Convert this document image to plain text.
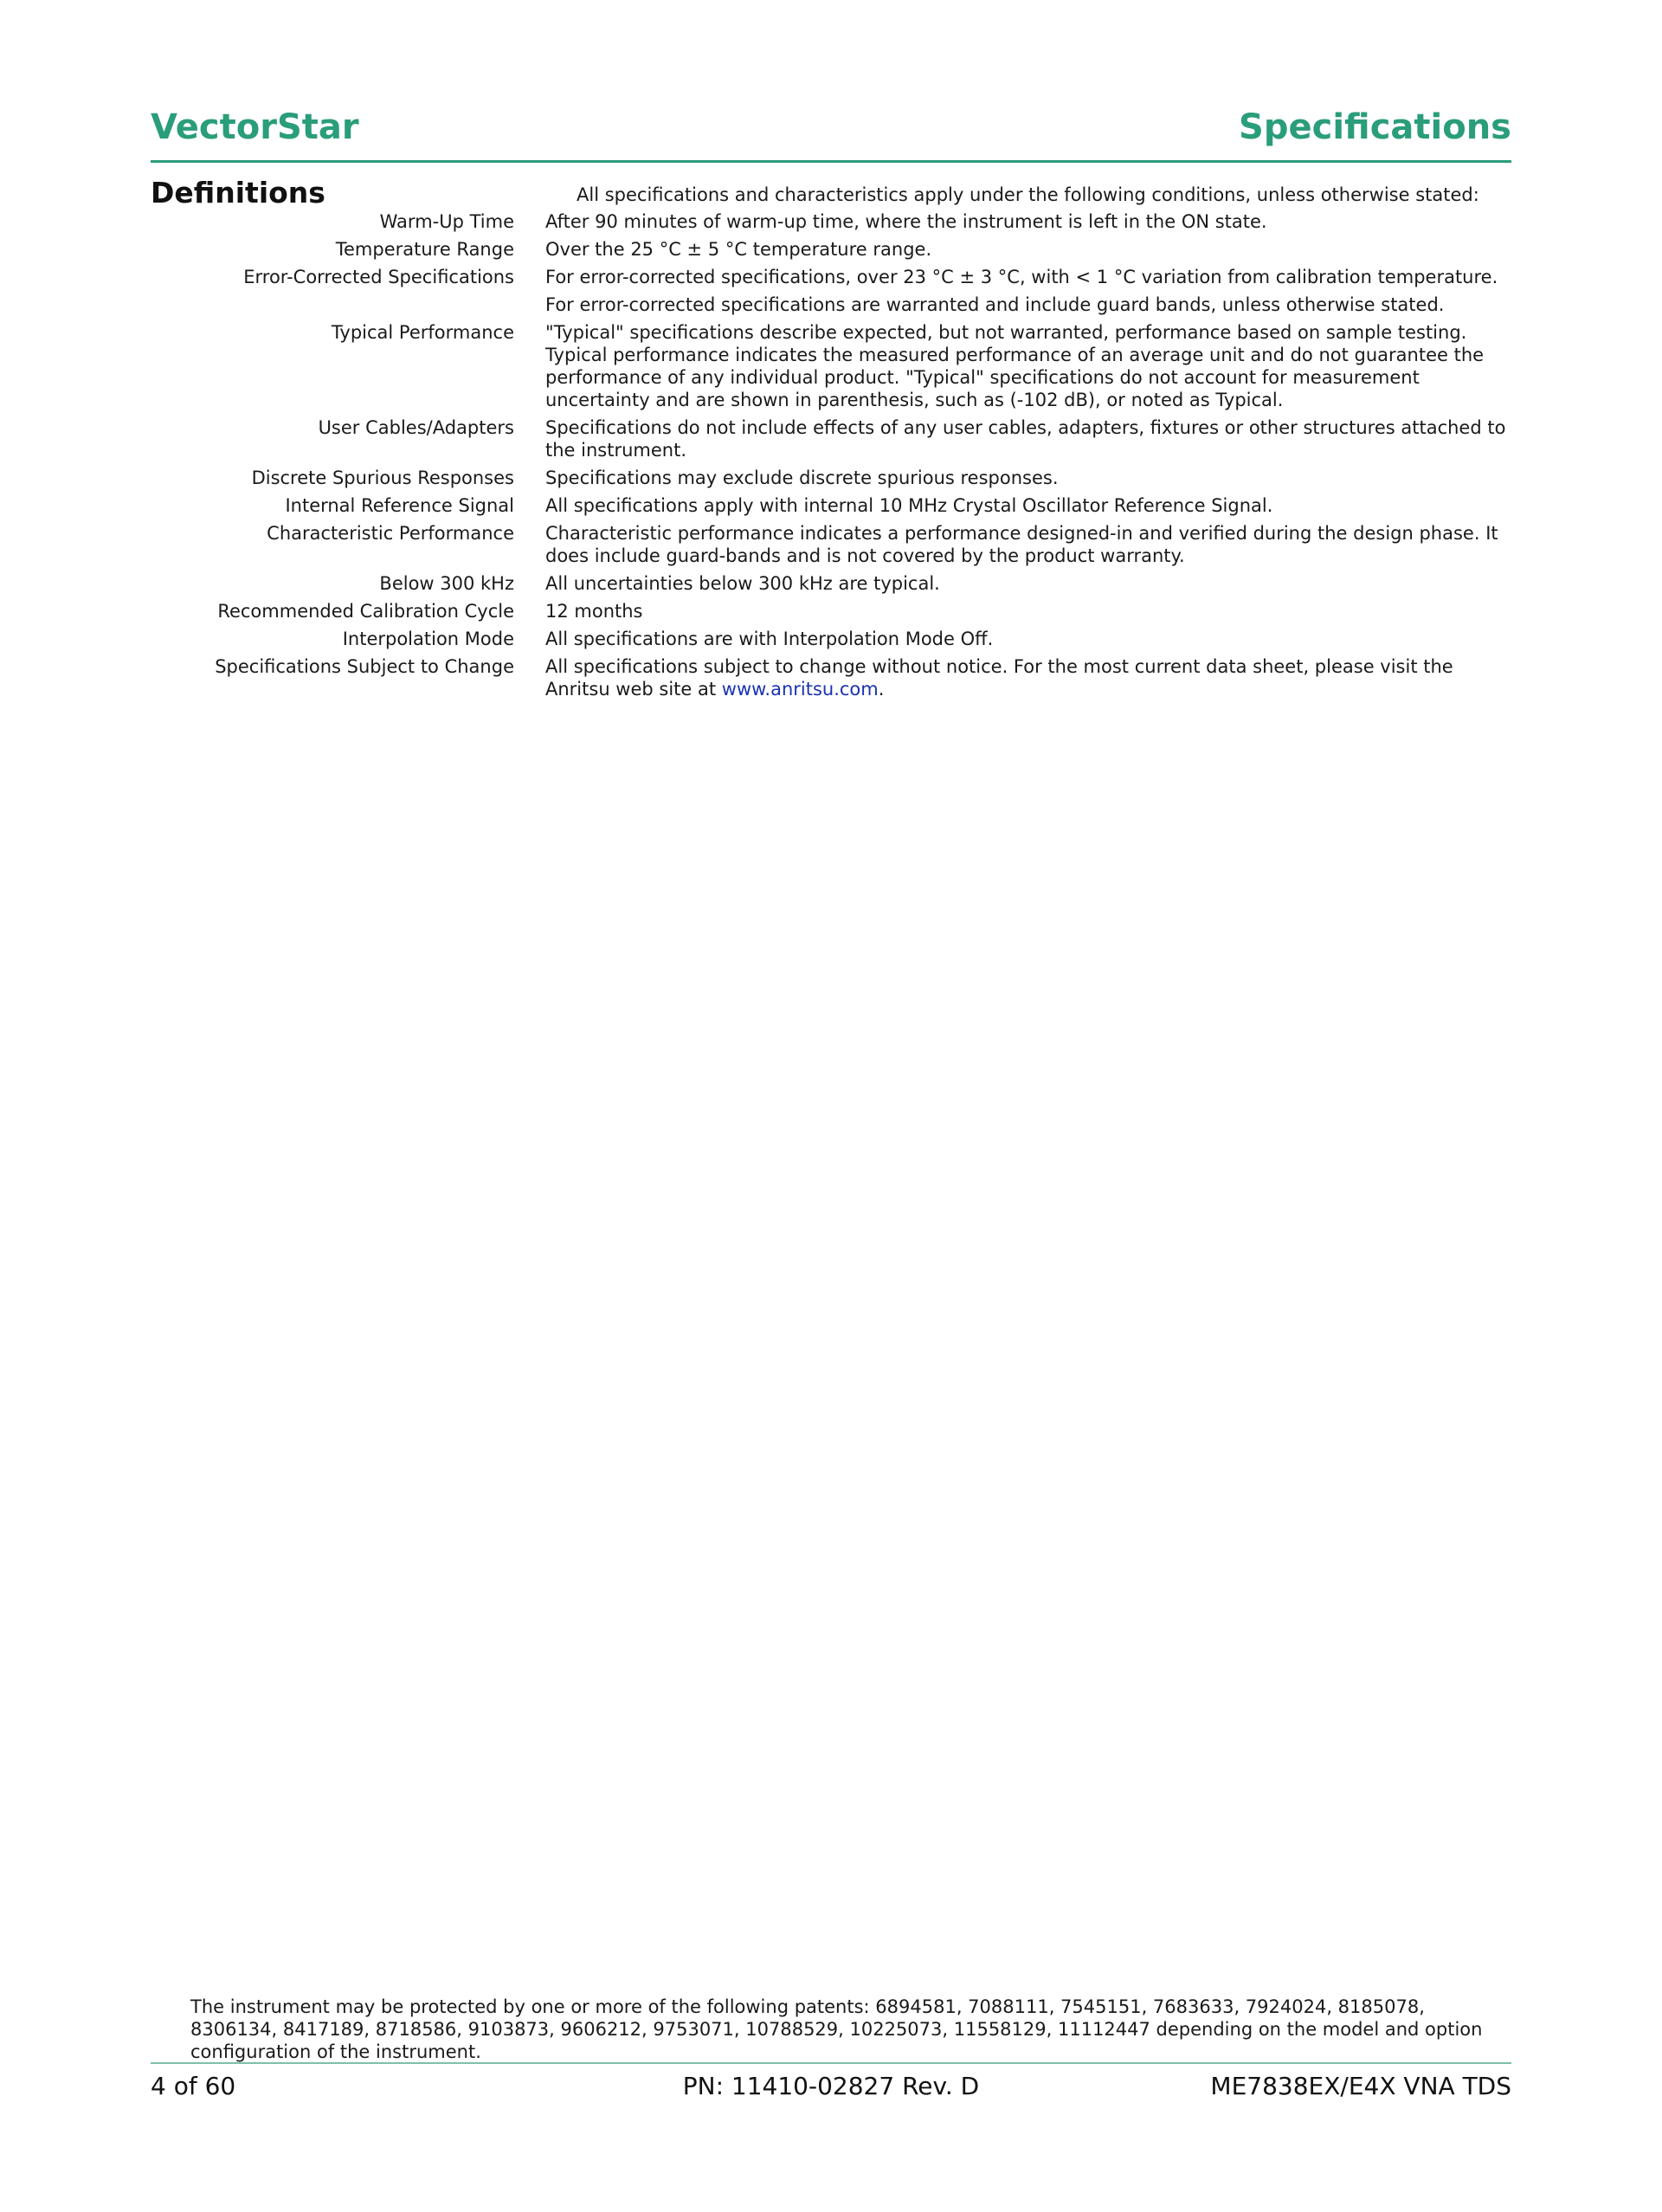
VectorStar	Specifications
Definitions	All specifications and characteristics apply under the following conditions, unless otherwise stated:
Warm-Up Time	After 90 minutes of warm-up time, where the instrument is left in the ON state.

Temperature Range	Over the 25 °C ± 5 °C temperature range.

Error-Corrected Specifications	For error-corrected specifications, over 23 °C ± 3 °C, with < 1 °C variation from calibration temperature.

For error-corrected specifications are warranted and include guard bands, unless otherwise stated.

Typical Performance	"Typical" specifications describe expected, but not warranted, performance based on sample testing. Typical performance indicates the measured performance of an average unit and do not guarantee the performance of any individual product. "Typical" specifications do not account for measurement uncertainty and are shown in parenthesis, such as (-102 dB), or noted as Typical.

User Cables/Adapters	Specifications do not include effects of any user cables, adapters, fixtures or other structures attached to the instrument.

Discrete Spurious Responses	Specifications may exclude discrete spurious responses.

Internal Reference Signal	All specifications apply with internal 10 MHz Crystal Oscillator Reference Signal.

Characteristic Performance	Characteristic performance indicates a performance designed-in and verified during the design phase. It does include guard-bands and is not covered by the product warranty.

Below 300 kHz	All uncertainties below 300 kHz are typical.

Recommended Calibration Cycle	12 months

Interpolation Mode	All specifications are with Interpolation Mode Off.

Specifications Subject to Change	All specifications subject to change without notice. For the most current data sheet, please visit the Anritsu web site at www.anritsu.com.
The instrument may be protected by one or more of the following patents: 6894581, 7088111, 7545151, 7683633, 7924024, 8185078, 8306134, 8417189, 8718586, 9103873, 9606212, 9753071, 10788529, 10225073, 11558129, 11112447 depending on the model and option configuration of the instrument.
4 of 60	PN: 11410-02827 Rev. D	ME7838EX/E4X VNA TDS
